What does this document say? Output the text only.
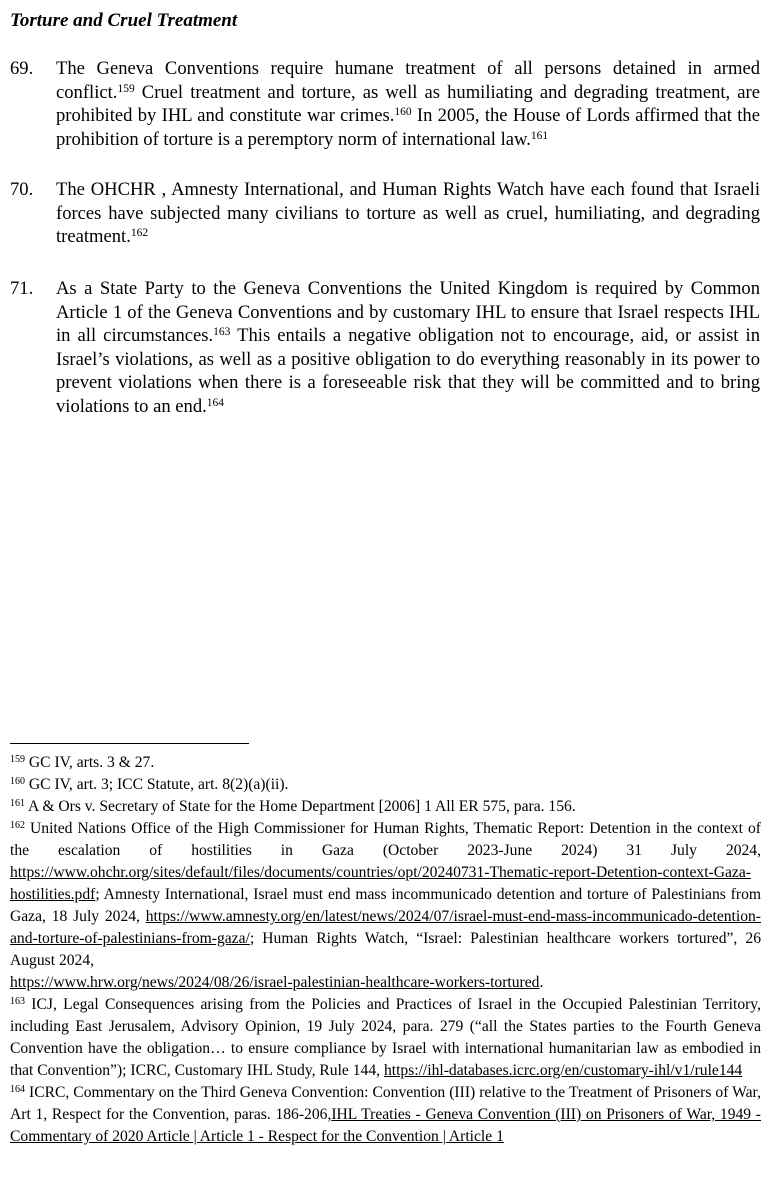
Torture and Cruel Treatment
69. The Geneva Conventions require humane treatment of all persons detained in armed conflict.$^{159}$ Cruel treatment and torture, as well as humiliating and degrading treatment, are prohibited by IHL and constitute war crimes.$^{160}$ In 2005, the House of Lords affirmed that the prohibition of torture is a peremptory norm of international law.$^{161}$
70. The OHCHR , Amnesty International, and Human Rights Watch have each found that Israeli forces have subjected many civilians to torture as well as cruel, humiliating, and degrading treatment.$^{162}$
71. As a State Party to the Geneva Conventions the United Kingdom is required by Common Article 1 of the Geneva Conventions and by customary IHL to ensure that Israel respects IHL in all circumstances.$^{163}$ This entails a negative obligation not to encourage, aid, or assist in Israel’s violations, as well as a positive obligation to do everything reasonably in its power to prevent violations when there is a foreseeable risk that they will be committed and to bring violations to an end.$^{164}$
$^{159}$ GC IV, arts. 3 & 27.
$^{160}$ GC IV, art. 3; ICC Statute, art. 8(2)(a)(ii).
$^{161}$ A & Ors v. Secretary of State for the Home Department [2006] 1 All ER 575, para. 156.
$^{162}$ United Nations Office of the High Commissioner for Human Rights, Thematic Report: Detention in the context of the escalation of hostilities in Gaza (October 2023-June 2024) 31 July 2024, https://www.ohchr.org/sites/default/files/documents/countries/opt/20240731-Thematic-report-Detention-context-Gaza-hostilities.pdf; Amnesty International, Israel must end mass incommunicado detention and torture of Palestinians from Gaza, 18 July 2024, https://www.amnesty.org/en/latest/news/2024/07/israel-must-end-mass-incommunicado-detention-and-torture-of-palestinians-from-gaza/; Human Rights Watch, “Israel: Palestinian healthcare workers tortured”, 26 August 2024,
https://www.hrw.org/news/2024/08/26/israel-palestinian-healthcare-workers-tortured.
$^{163}$ ICJ, Legal Consequences arising from the Policies and Practices of Israel in the Occupied Palestinian Territory, including East Jerusalem, Advisory Opinion, 19 July 2024, para. 279 (“all the States parties to the Fourth Geneva Convention have the obligation… to ensure compliance by Israel with international humanitarian law as embodied in that Convention”); ICRC, Customary IHL Study, Rule 144, https://ihl-databases.icrc.org/en/customary-ihl/v1/rule144
$^{164}$ ICRC, Commentary on the Third Geneva Convention: Convention (III) relative to the Treatment of Prisoners of War, Art 1, Respect for the Convention, paras. 186-206,IHL Treaties - Geneva Convention (III) on Prisoners of War, 1949 - Commentary of 2020 Article | Article 1 - Respect for the Convention | Article 1
